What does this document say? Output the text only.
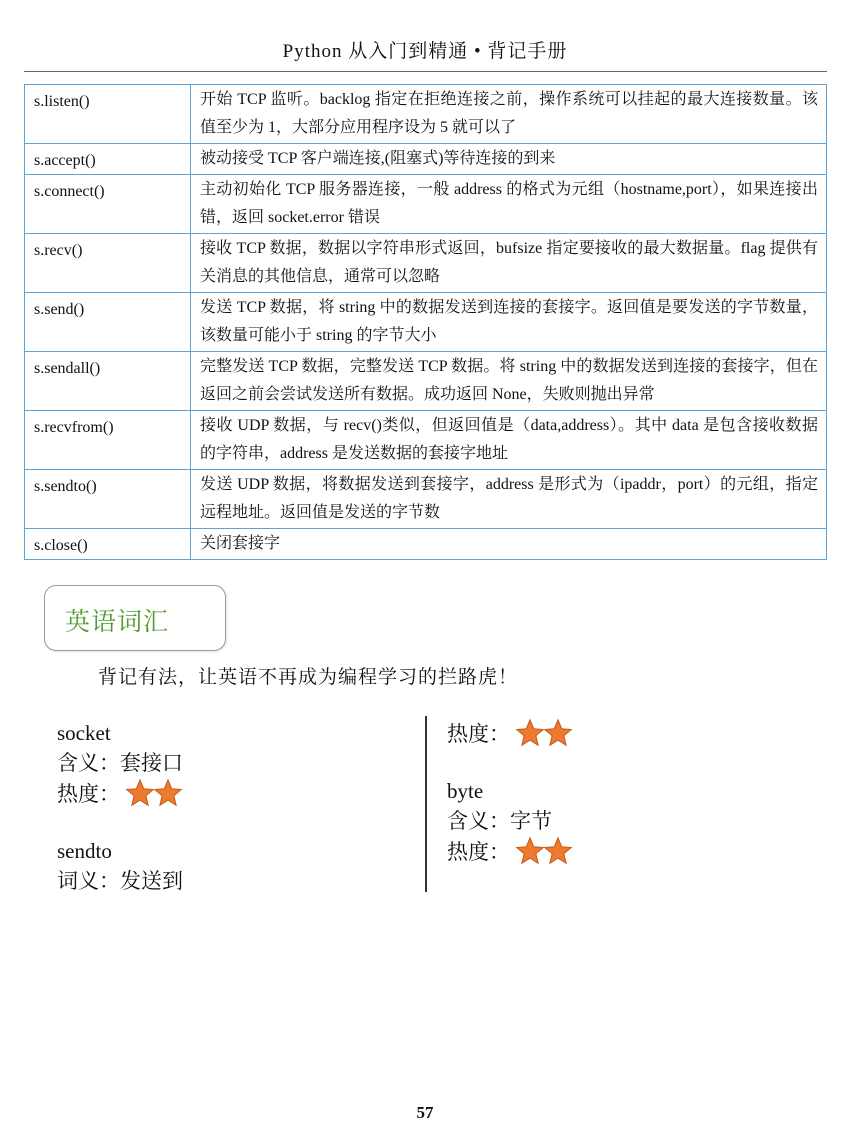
Python 从入门到精通 • 背记手册
s.listen()	开始 TCP 监听。backlog 指定在拒绝连接之前，操作系统可以挂起的最大连接数量。该值至少为 1，大部分应用程序设为 5 就可以了
s.accept()	被动接受 TCP 客户端连接,(阻塞式)等待连接的到来
s.connect()	主动初始化 TCP 服务器连接，一般 address 的格式为元组（hostname,port），如果连接出错，返回 socket.error 错误
s.recv()	接收 TCP 数据，数据以字符串形式返回，bufsize 指定要接收的最大数据量。flag 提供有关消息的其他信息，通常可以忽略
s.send()	发送 TCP 数据，将 string 中的数据发送到连接的套接字。返回值是要发送的字节数量，该数量可能小于 string 的字节大小
s.sendall()	完整发送 TCP 数据，完整发送 TCP 数据。将 string 中的数据发送到连接的套接字，但在返回之前会尝试发送所有数据。成功返回 None，失败则抛出异常
s.recvfrom()	接收 UDP 数据，与 recv()类似，但返回值是（data,address）。其中 data 是包含接收数据的字符串，address 是发送数据的套接字地址
s.sendto()	发送 UDP 数据，将数据发送到套接字，address 是形式为（ipaddr，port）的元组，指定远程地址。返回值是发送的字节数
s.close()	关闭套接字
英语词汇
背记有法，让英语不再成为编程学习的拦路虎！
socket
含义：套接口
热度：
sendto
词义：发送到
热度：
byte
含义：字节
热度：
57
